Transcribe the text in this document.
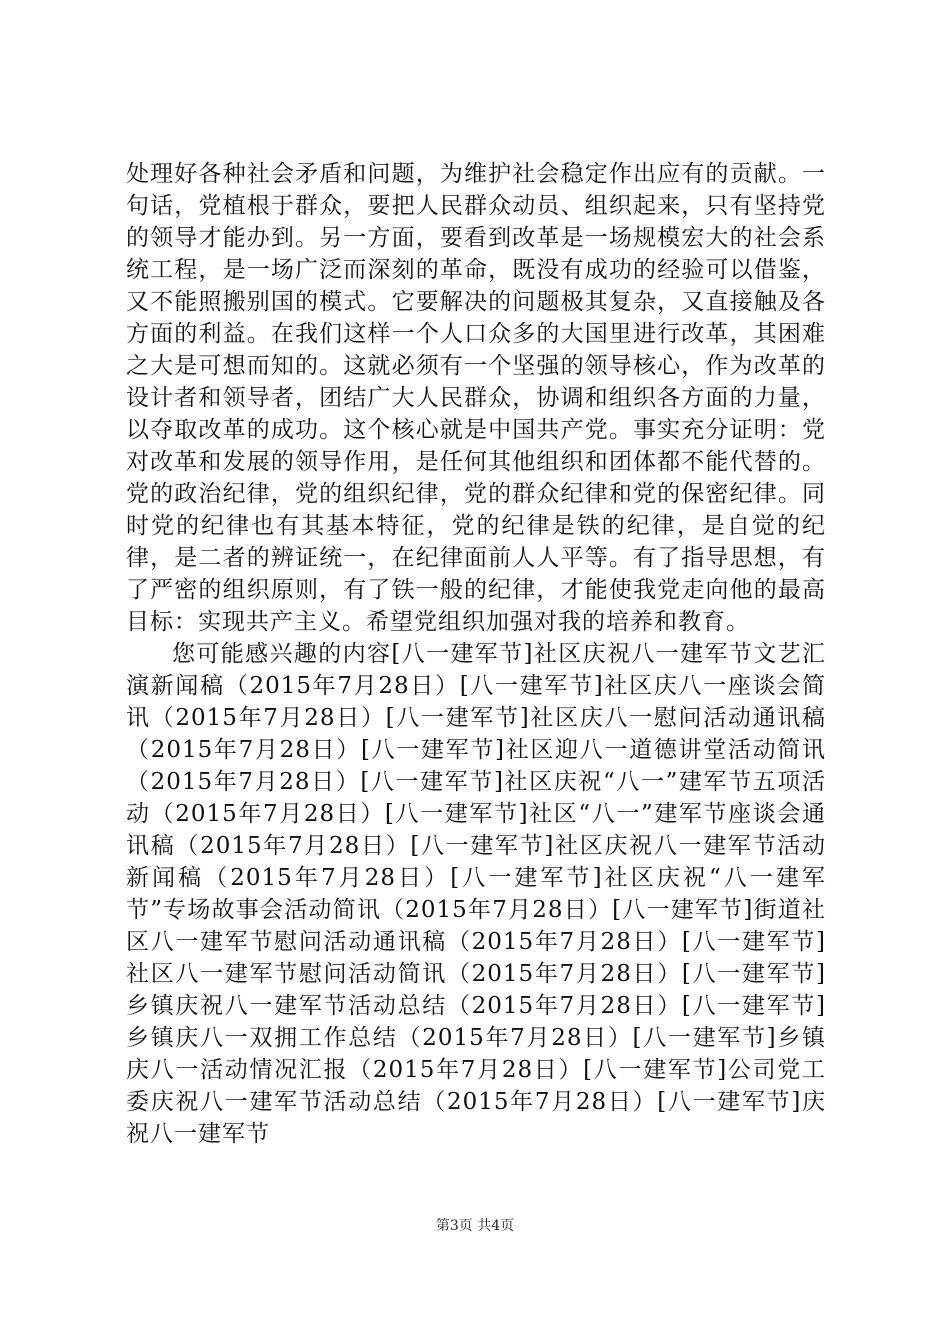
处理好各种社会矛盾和问题，为维护社会稳定作出应有的贡献。一句话，党植根于群众，要把人民群众动员、组织起来，只有坚持党的领导才能办到。另一方面，要看到改革是一场规模宏大的社会系统工程，是一场广泛而深刻的革命，既没有成功的经验可以借鉴，又不能照搬别国的模式。它要解决的问题极其复杂，又直接触及各方面的利益。在我们这样一个人口众多的大国里进行改革，其困难之大是可想而知的。这就必须有一个坚强的领导核心，作为改革的设计者和领导者，团结广大人民群众，协调和组织各方面的力量，以夺取改革的成功。这个核心就是中国共产党。事实充分证明：党对改革和发展的领导作用，是任何其他组织和团体都不能代替的。党的政治纪律，党的组织纪律，党的群众纪律和党的保密纪律。同时党的纪律也有其基本特征，党的纪律是铁的纪律，是自觉的纪律，是二者的辨证统一，在纪律面前人人平等。有了指导思想，有了严密的组织原则，有了铁一般的纪律，才能使我党走向他的最高目标：实现共产主义。希望党组织加强对我的培养和教育。

您可能感兴趣的内容[八一建军节]社区庆祝八一建军节文艺汇演新闻稿（2015年7月28日）[八一建军节]社区庆八一座谈会简讯（2015年7月28日）[八一建军节]社区庆八一慰问活动通讯稿（2015年7月28日）[八一建军节]社区迎八一道德讲堂活动简讯（2015年7月28日）[八一建军节]社区庆祝“八一”建军节五项活动（2015年7月28日）[八一建军节]社区“八一”建军节座谈会通讯稿（2015年7月28日）[八一建军节]社区庆祝八一建军节活动新闻稿（2015年7月28日）[八一建军节]社区庆祝“八一建军节”专场故事会活动简讯（2015年7月28日）[八一建军节]街道社区八一建军节慰问活动通讯稿（2015年7月28日）[八一建军节]社区八一建军节慰问活动简讯（2015年7月28日）[八一建军节]乡镇庆祝八一建军节活动总结（2015年7月28日）[八一建军节]乡镇庆八一双拥工作总结（2015年7月28日）[八一建军节]乡镇庆八一活动情况汇报（2015年7月28日）[八一建军节]公司党工委庆祝八一建军节活动总结（2015年7月28日）[八一建军节]庆祝八一建军节

第3页 共4页
